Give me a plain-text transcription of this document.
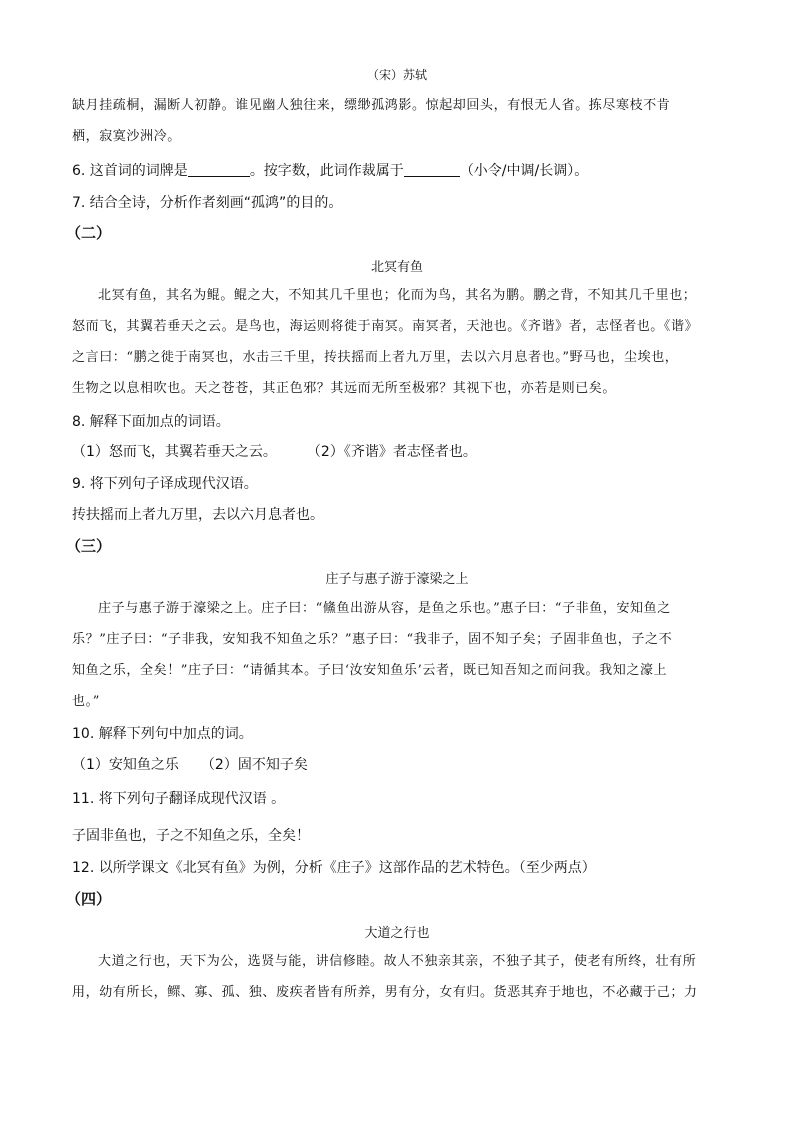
（宋）苏轼
缺月挂疏桐，漏断人初静。谁见幽人独往来，缥缈孤鸿影。惊起却回头，有恨无人省。拣尽寒枝不肯
栖，寂寞沙洲冷。
6. 这首词的词牌是	。按字数，此词作裁属于	（小令/中调/长调）。
7. 结合全诗，分析作者刻画“孤鸿”的目的。
（二）
北冥有鱼
北冥有鱼，其名为鲲。鲲之大，不知其几千里也；化而为鸟，其名为鹏。鹏之背，不知其几千里也；
怒而飞，其翼若垂天之云。是鸟也，海运则将徙于南冥。南冥者，天池也。《齐谐》者，志怪者也。《谐》
之言曰：“鹏之徙于南冥也，水击三千里，抟扶摇而上者九万里，去以六月息者也。”野马也，尘埃也，
生物之以息相吹也。天之苍苍，其正色邪？其远而无所至极邪？其视下也，亦若是则已矣。
8. 解释下面加点的词语。
（1）怒而飞，其翼若垂天之云。 （2）《齐谐》者志怪者也。
9. 将下列句子译成现代汉语。
抟扶摇而上者九万里，去以六月息者也。
（三）
庄子与惠子游于濠梁之上
庄子与惠子游于濠梁之上。庄子曰：“鯈鱼出游从容，是鱼之乐也。”惠子曰：“子非鱼，安知鱼之
乐？”庄子曰：“子非我，安知我不知鱼之乐？”惠子曰：“我非子，固不知子矣；子固非鱼也，子之不
知鱼之乐，全矣！”庄子曰：“请循其本。子曰‘汝安知鱼乐’云者，既已知吾知之而问我。我知之濠上
也。”
10. 解释下列句中加点的词。
（1）安知鱼之乐 （2）固不知子矣
11. 将下列句子翻译成现代汉语 。
子固非鱼也，子之不知鱼之乐，全矣！
12. 以所学课文《北冥有鱼》为例，分析《庄子》这部作品的艺术特色。（至少两点）
（四）
大道之行也
大道之行也，天下为公，选贤与能，讲信修睦。故人不独亲其亲，不独子其子，使老有所终，壮有所
用，幼有所长，鳏、寡、孤、独、废疾者皆有所养，男有分，女有归。货恶其弃于地也，不必藏于己；力
